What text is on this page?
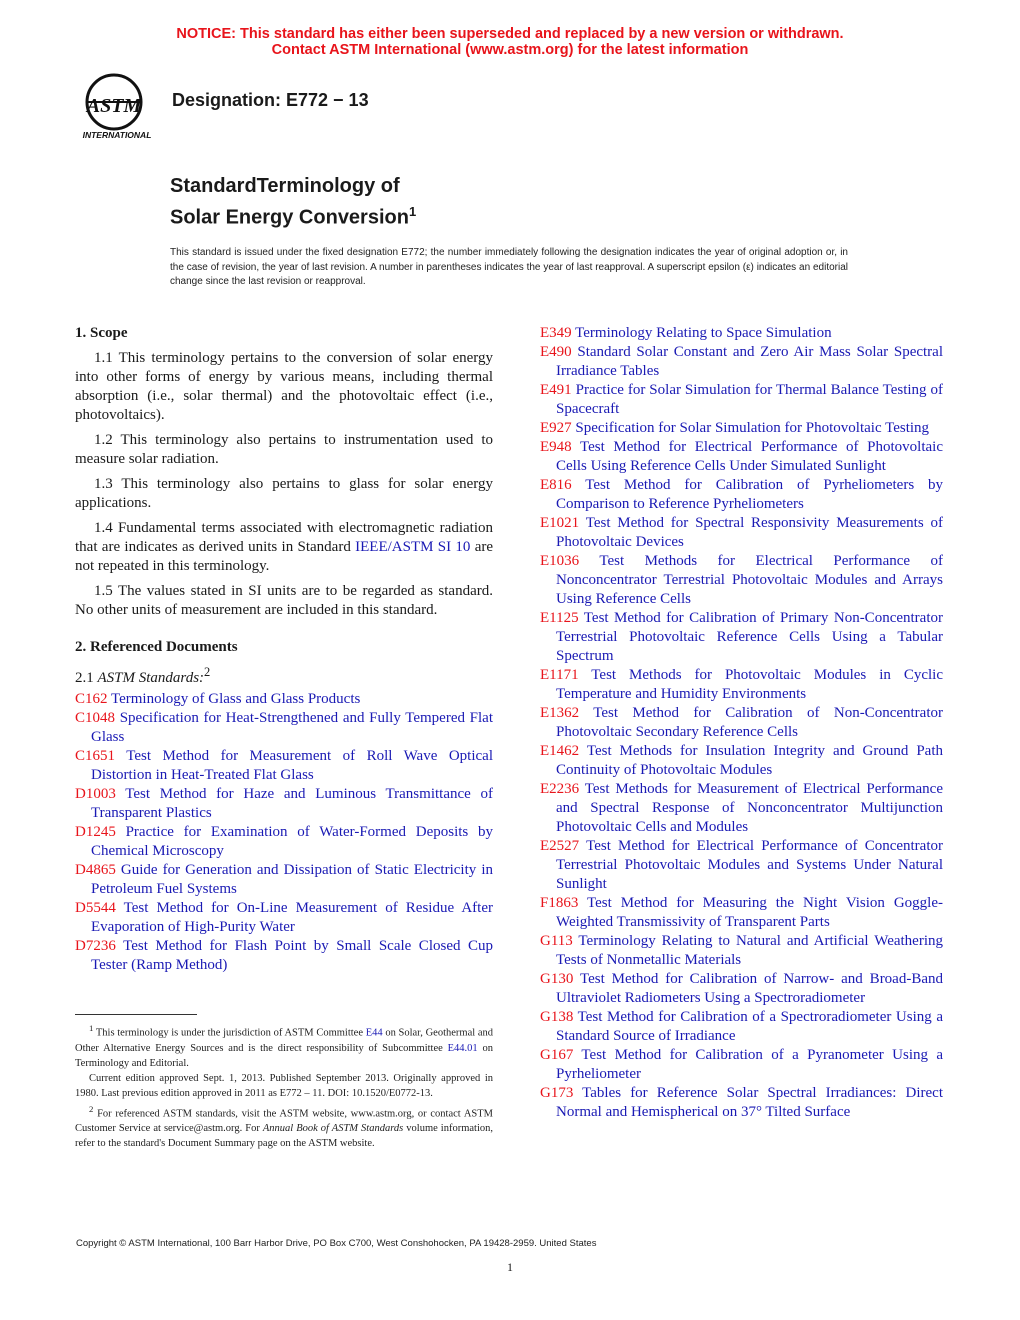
NOTICE: This standard has either been superseded and replaced by a new version or withdrawn.
Contact ASTM International (www.astm.org) for the latest information
ASTM
INTERNATIONAL
Designation: E772 − 13
StandardTerminology of
Solar Energy Conversion$^1$
This standard is issued under the fixed designation E772; the number immediately following the designation indicates the year of original adoption or, in the case of revision, the year of last revision. A number in parentheses indicates the year of last reapproval. A superscript epsilon (ε) indicates an editorial change since the last revision or reapproval.
1. Scope

1.1 This terminology pertains to the conversion of solar energy into other forms of energy by various means, including thermal absorption (i.e., solar thermal) and the photovoltaic effect (i.e., photovoltaics).

1.2 This terminology also pertains to instrumentation used to measure solar radiation.

1.3 This terminology also pertains to glass for solar energy applications.

1.4 Fundamental terms associated with electromagnetic radiation that are indicates as derived units in Standard IEEE/ASTM SI 10 are not repeated in this terminology.

1.5 The values stated in SI units are to be regarded as standard. No other units of measurement are included in this standard.

2. Referenced Documents

2.1 ASTM Standards:$^2$

C162 Terminology of Glass and Glass Products

C1048 Specification for Heat-Strengthened and Fully Tempered Flat Glass

C1651 Test Method for Measurement of Roll Wave Optical Distortion in Heat-Treated Flat Glass

D1003 Test Method for Haze and Luminous Transmittance of Transparent Plastics

D1245 Practice for Examination of Water-Formed Deposits by Chemical Microscopy

D4865 Guide for Generation and Dissipation of Static Electricity in Petroleum Fuel Systems

D5544 Test Method for On-Line Measurement of Residue After Evaporation of High-Purity Water

D7236 Test Method for Flash Point by Small Scale Closed Cup Tester (Ramp Method)

E349 Terminology Relating to Space Simulation

E490 Standard Solar Constant and Zero Air Mass Solar Spectral Irradiance Tables

E491 Practice for Solar Simulation for Thermal Balance Testing of Spacecraft

E927 Specification for Solar Simulation for Photovoltaic Testing

E948 Test Method for Electrical Performance of Photovoltaic Cells Using Reference Cells Under Simulated Sunlight

E816 Test Method for Calibration of Pyrheliometers by Comparison to Reference Pyrheliometers

E1021 Test Method for Spectral Responsivity Measurements of Photovoltaic Devices

E1036 Test Methods for Electrical Performance of Nonconcentrator Terrestrial Photovoltaic Modules and Arrays Using Reference Cells

E1125 Test Method for Calibration of Primary Non-Concentrator Terrestrial Photovoltaic Reference Cells Using a Tabular Spectrum

E1171 Test Methods for Photovoltaic Modules in Cyclic Temperature and Humidity Environments

E1362 Test Method for Calibration of Non-Concentrator Photovoltaic Secondary Reference Cells

E1462 Test Methods for Insulation Integrity and Ground Path Continuity of Photovoltaic Modules

E2236 Test Methods for Measurement of Electrical Performance and Spectral Response of Nonconcentrator Multijunction Photovoltaic Cells and Modules

E2527 Test Method for Electrical Performance of Concentrator Terrestrial Photovoltaic Modules and Systems Under Natural Sunlight

F1863 Test Method for Measuring the Night Vision Goggle-Weighted Transmissivity of Transparent Parts

G113 Terminology Relating to Natural and Artificial Weathering Tests of Nonmetallic Materials

G130 Test Method for Calibration of Narrow- and Broad-Band Ultraviolet Radiometers Using a Spectroradiometer

G138 Test Method for Calibration of a Spectroradiometer Using a Standard Source of Irradiance

G167 Test Method for Calibration of a Pyranometer Using a Pyrheliometer

G173 Tables for Reference Solar Spectral Irradiances: Direct Normal and Hemispherical on 37° Tilted Surface

$^1$ This terminology is under the jurisdiction of ASTM Committee E44 on Solar, Geothermal and Other Alternative Energy Sources and is the direct responsibility of Subcommittee E44.01 on Terminology and Editorial.

Current edition approved Sept. 1, 2013. Published September 2013. Originally approved in 1980. Last previous edition approved in 2011 as E772 – 11. DOI: 10.1520/E0772-13.

$^2$ For referenced ASTM standards, visit the ASTM website, www.astm.org, or contact ASTM Customer Service at service@astm.org. For Annual Book of ASTM Standards volume information, refer to the standard's Document Summary page on the ASTM website.

Copyright © ASTM International, 100 Barr Harbor Drive, PO Box C700, West Conshohocken, PA 19428-2959. United States
1
